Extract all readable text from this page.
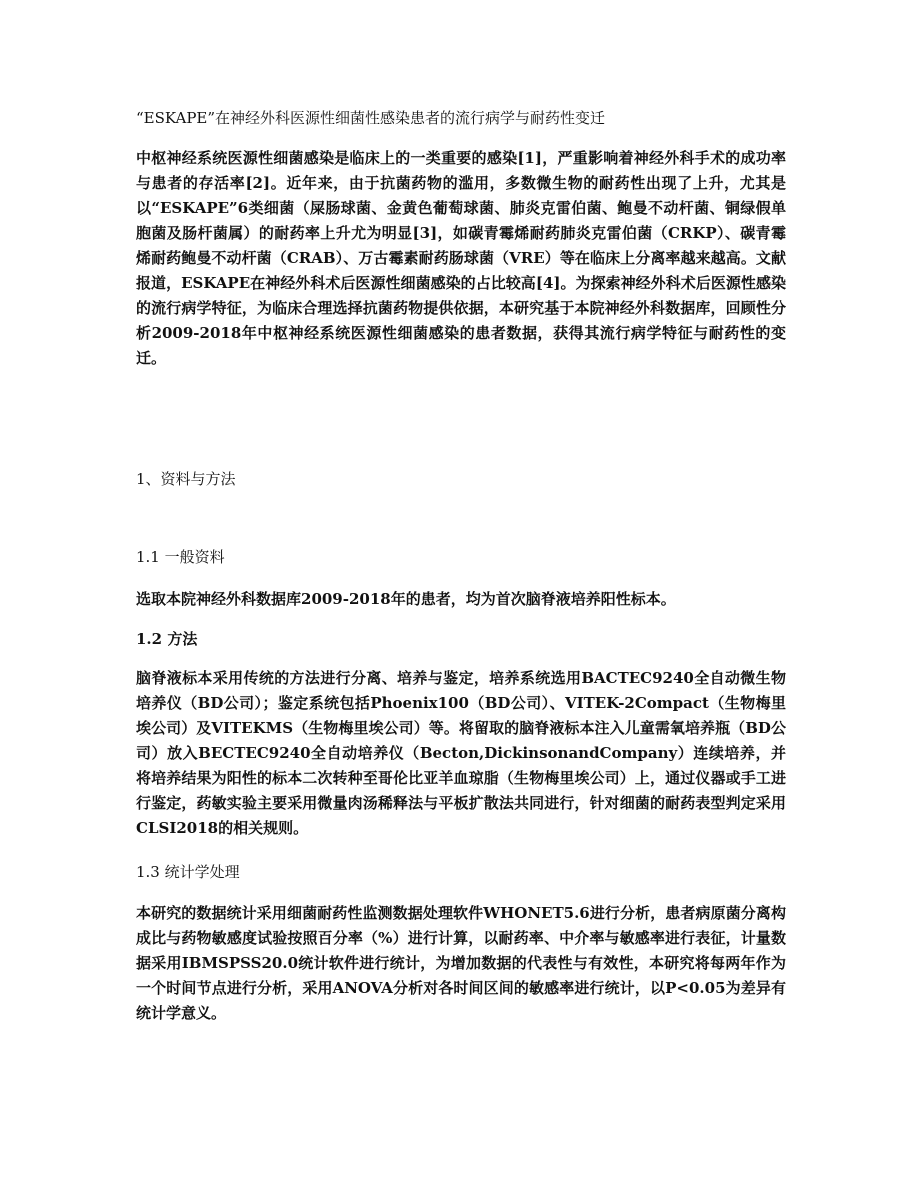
“ESKAPE”在神经外科医源性细菌性感染患者的流行病学与耐药性变迁
中枢神经系统医源性细菌感染是临床上的一类重要的感染[1]，严重影响着神经外科手术的成功率与患者的存活率[2]。近年来，由于抗菌药物的滥用，多数微生物的耐药性出现了上升，尤其是以“ESKAPE”6类细菌（屎肠球菌、金黄色葡萄球菌、肺炎克雷伯菌、鲍曼不动杆菌、铜绿假单胞菌及肠杆菌属）的耐药率上升尤为明显[3]，如碳青霉烯耐药肺炎克雷伯菌（CRKP）、碳青霉烯耐药鲍曼不动杆菌（CRAB）、万古霉素耐药肠球菌（VRE）等在临床上分离率越来越高。文献报道，ESKAPE在神经外科术后医源性细菌感染的占比较高[4]。为探索神经外科术后医源性感染的流行病学特征，为临床合理选择抗菌药物提供依据，本研究基于本院神经外科数据库，回顾性分析2009-2018年中枢神经系统医源性细菌感染的患者数据，获得其流行病学特征与耐药性的变迁。
1、资料与方法
1.1 一般资料
选取本院神经外科数据库2009-2018年的患者，均为首次脑脊液培养阳性标本。
1.2 方法
脑脊液标本采用传统的方法进行分离、培养与鉴定，培养系统选用BACTEC9240全自动微生物培养仪（BD公司）；鉴定系统包括Phoenix100（BD公司）、VITEK-2Compact（生物梅里埃公司）及VITEKMS（生物梅里埃公司）等。将留取的脑脊液标本注入儿童需氧培养瓶（BD公司）放入BECTEC9240全自动培养仪（Becton,DickinsonandCompany）连续培养，并将培养结果为阳性的标本二次转种至哥伦比亚羊血琼脂（生物梅里埃公司）上，通过仪器或手工进行鉴定，药敏实验主要采用微量肉汤稀释法与平板扩散法共同进行，针对细菌的耐药表型判定采用CLSI2018的相关规则。
1.3 统计学处理
本研究的数据统计采用细菌耐药性监测数据处理软件WHONET5.6进行分析，患者病原菌分离构成比与药物敏感度试验按照百分率（%）进行计算，以耐药率、中介率与敏感率进行表征，计量数据采用IBMSPSS20.0统计软件进行统计，为增加数据的代表性与有效性，本研究将每两年作为一个时间节点进行分析，采用ANOVA分析对各时间区间的敏感率进行统计，以P<0.05为差异有统计学意义。
